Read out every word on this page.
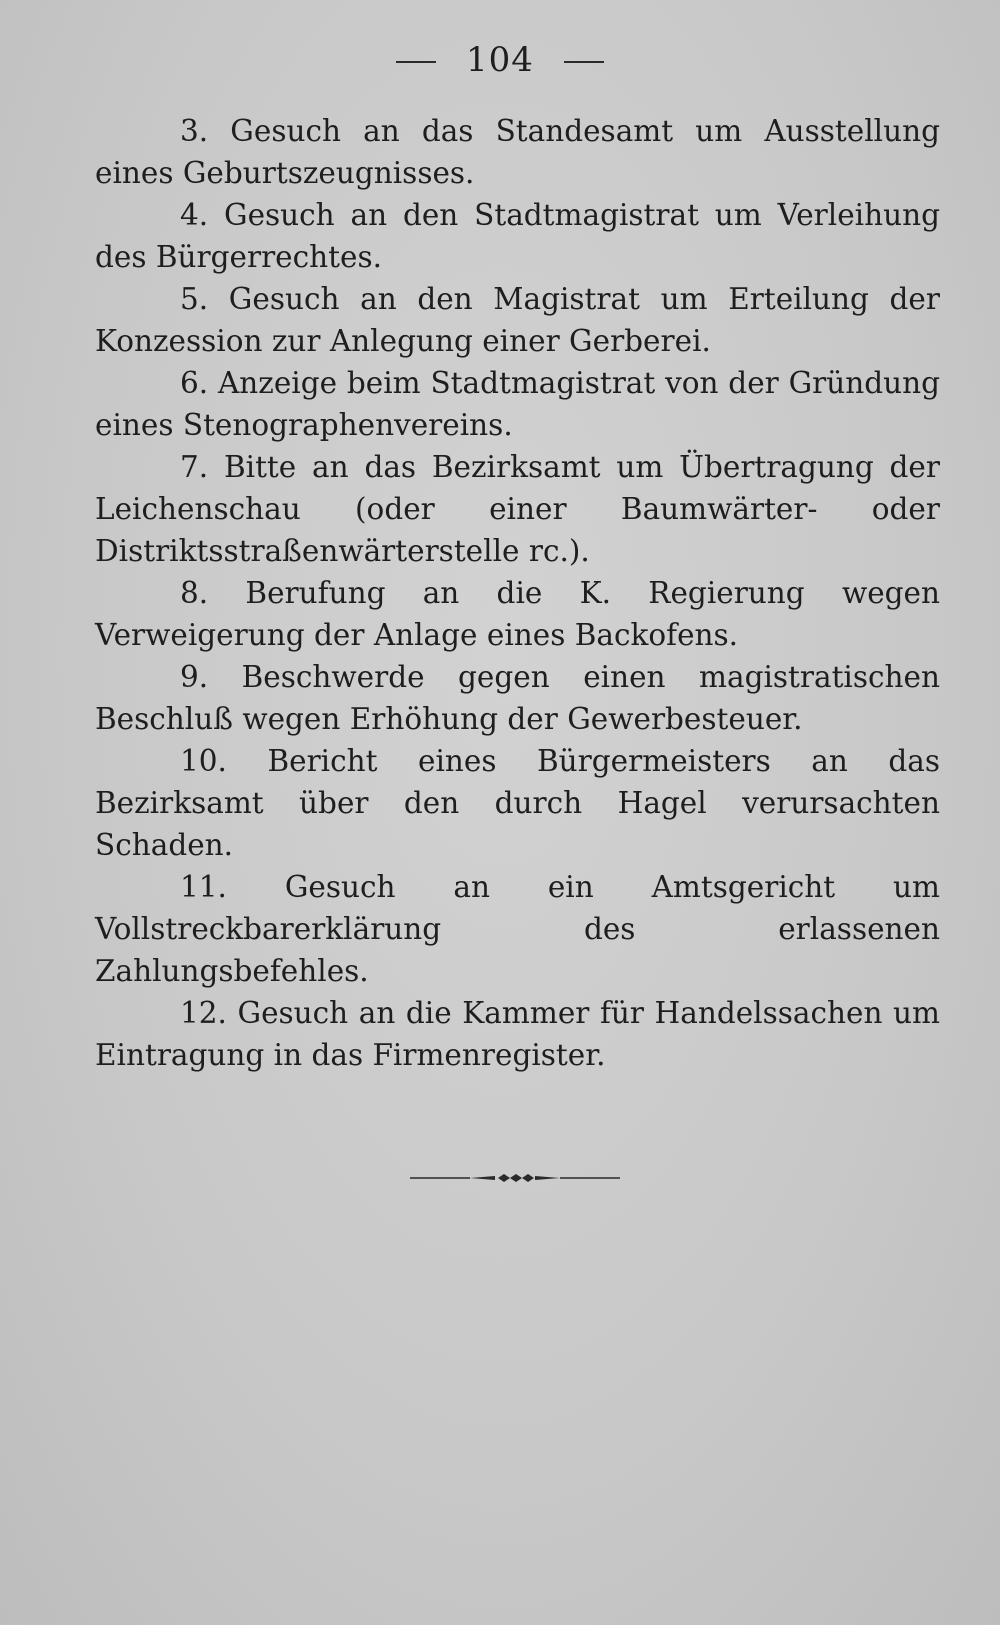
104

3. Gesuch an das Standesamt um Ausstellung eines Geburtszeugnisses.

4. Gesuch an den Stadtmagistrat um Verleihung des Bürgerrechtes.

5. Gesuch an den Magistrat um Erteilung der Konzession zur Anlegung einer Gerberei.

6. Anzeige beim Stadtmagistrat von der Gründung eines Stenographenvereins.

7. Bitte an das Bezirksamt um Übertragung der Leichenschau (oder einer Baumwärter- oder Distriktsstraßenwärterstelle rc.).

8. Berufung an die K. Regierung wegen Verweigerung der Anlage eines Backofens.

9. Beschwerde gegen einen magistratischen Beschluß wegen Erhöhung der Gewerbesteuer.

10. Bericht eines Bürgermeisters an das Bezirksamt über den durch Hagel verursachten Schaden.

11. Gesuch an ein Amtsgericht um Vollstreckbarerklärung des erlassenen Zahlungsbefehles.

12. Gesuch an die Kammer für Handelssachen um Eintragung in das Firmenregister.
